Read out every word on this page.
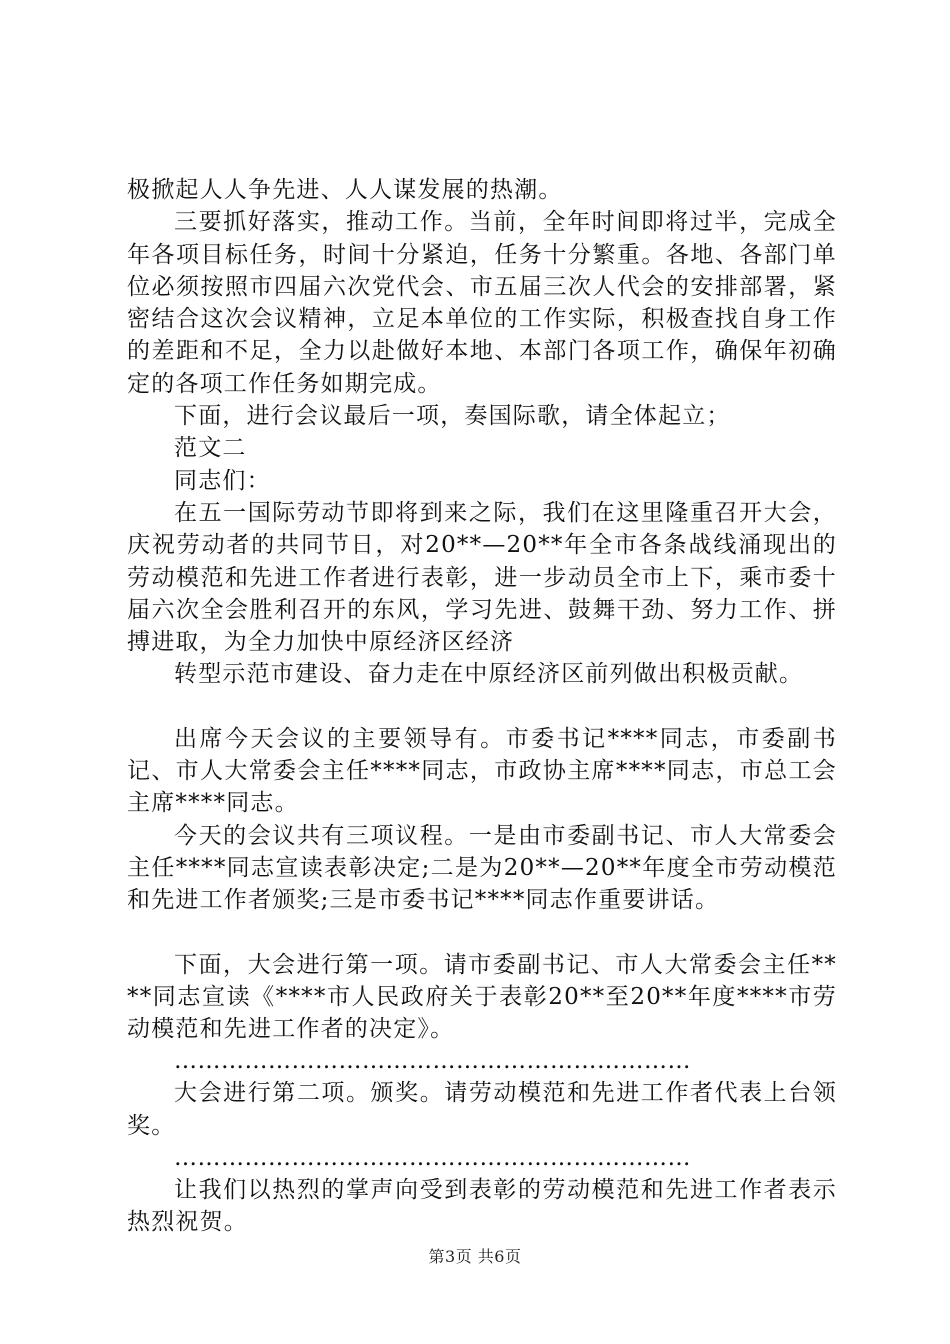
极掀起人人争先进、人人谋发展的热潮。

三要抓好落实，推动工作。当前，全年时间即将过半，完成全年各项目标任务，时间十分紧迫，任务十分繁重。各地、各部门单位必须按照市四届六次党代会、市五届三次人代会的安排部署，紧密结合这次会议精神，立足本单位的工作实际，积极查找自身工作的差距和不足，全力以赴做好本地、本部门各项工作，确保年初确定的各项工作任务如期完成。

下面，进行会议最后一项，奏国际歌，请全体起立；

范文二

同志们：

在五一国际劳动节即将到来之际，我们在这里隆重召开大会，庆祝劳动者的共同节日，对20**—20**年全市各条战线涌现出的劳动模范和先进工作者进行表彰，进一步动员全市上下，乘市委十届六次全会胜利召开的东风，学习先进、鼓舞干劲、努力工作、拼搏进取，为全力加快中原经济区经济

转型示范市建设、奋力走在中原经济区前列做出积极贡献。

出席今天会议的主要领导有。市委书记****同志，市委副书记、市人大常委会主任****同志，市政协主席****同志，市总工会主席****同志。

今天的会议共有三项议程。一是由市委副书记、市人大常委会主任****同志宣读表彰决定;二是为20**—20**年度全市劳动模范和先进工作者颁奖;三是市委书记****同志作重要讲话。

下面，大会进行第一项。请市委副书记、市人大常委会主任****同志宣读《****市人民政府关于表彰20**至20**年度****市劳动模范和先进工作者的决定》。

…………………………………………………………

大会进行第二项。颁奖。请劳动模范和先进工作者代表上台领奖。

…………………………………………………………

让我们以热烈的掌声向受到表彰的劳动模范和先进工作者表示热烈祝贺。

第3页 共6页
